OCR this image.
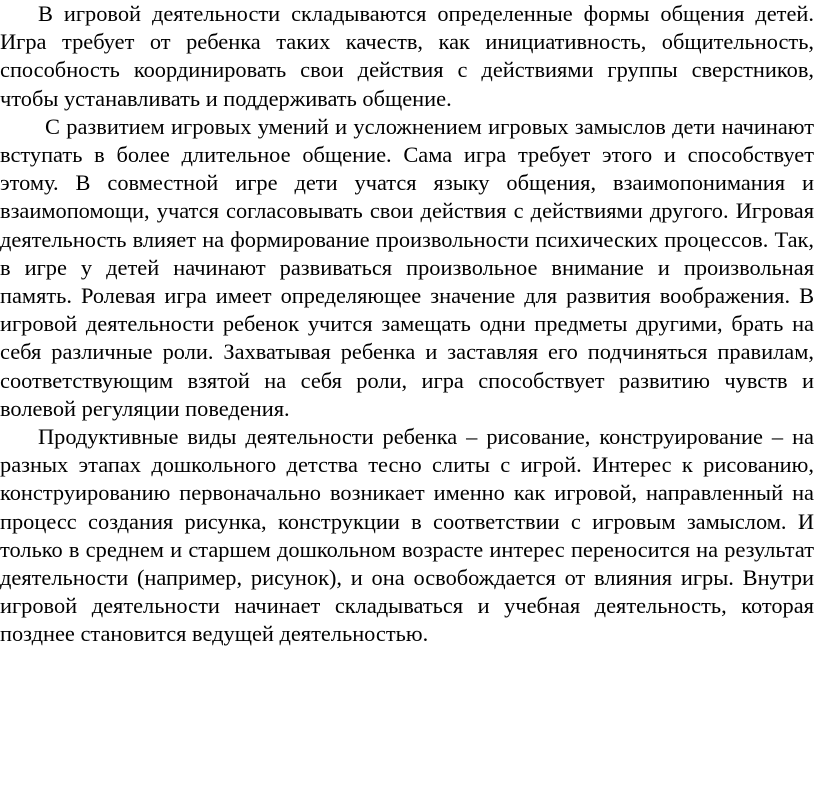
В игровой деятельности складываются определенные формы общения детей. Игра требует от ребенка таких качеств, как инициативность, общительность, способность координировать свои действия с действиями группы сверстников, чтобы устанавливать и поддерживать общение.

С развитием игровых умений и усложнением игровых замыслов дети начинают вступать в более длительное общение. Сама игра требует этого и способствует этому. В совместной игре дети учатся языку общения, взаимопонимания и взаимопомощи, учатся согласовывать свои действия с действиями другого. Игровая деятельность влияет на формирование произвольности психических процессов. Так, в игре у детей начинают развиваться произвольное внимание и произвольная память. Ролевая игра имеет определяющее значение для развития воображения. В игровой деятельности ребенок учится замещать одни предметы другими, брать на себя различные роли. Захватывая ребенка и заставляя его подчиняться правилам, соответствующим взятой на себя роли, игра способствует развитию чувств и волевой регуляции поведения.

Продуктивные виды деятельности ребенка – рисование, конструирование – на разных этапах дошкольного детства тесно слиты с игрой. Интерес к рисованию, конструированию первоначально возникает именно как игровой, направленный на процесс создания рисунка, конструкции в соответствии с игровым замыслом. И только в среднем и старшем дошкольном возрасте интерес переносится на результат деятельности (например, рисунок), и она освобождается от влияния игры. Внутри игровой деятельности начинает складываться и учебная деятельность, которая позднее становится ведущей деятельностью.
